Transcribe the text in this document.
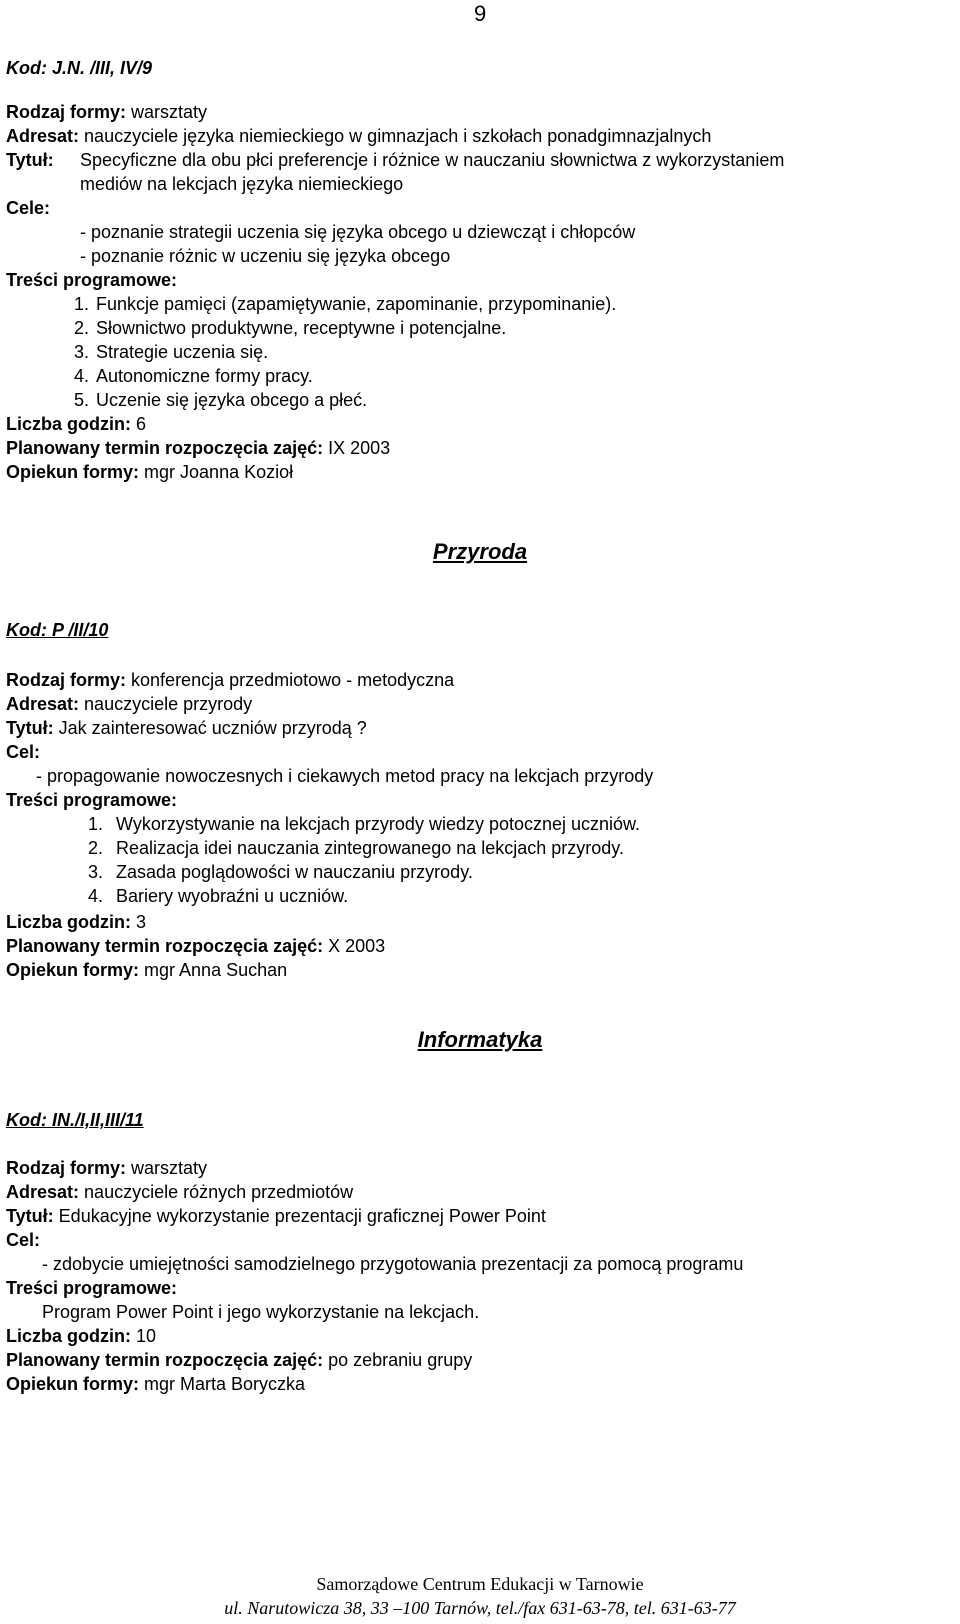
9
Kod: J.N. /III, IV/9
Rodzaj formy: warsztaty
Adresat: nauczyciele języka niemieckiego w gimnazjach i szkołach ponadgimnazjalnych
Tytuł: Specyficzne dla obu płci preferencje i różnice w nauczaniu słownictwa z wykorzystaniem
mediów na lekcjach języka niemieckiego
Cele:
- poznanie strategii uczenia się języka obcego u dziewcząt i chłopców
- poznanie różnic w uczeniu się języka obcego
Treści programowe:
1. Funkcje pamięci (zapamiętywanie, zapominanie, przypominanie).
2. Słownictwo produktywne, receptywne i potencjalne.
3. Strategie uczenia się.
4. Autonomiczne formy pracy.
5. Uczenie się języka obcego a płeć.
Liczba godzin: 6
Planowany termin rozpoczęcia zajęć: IX 2003
Opiekun formy: mgr Joanna Kozioł
Przyroda
Kod: P /II/10
Rodzaj formy: konferencja przedmiotowo - metodyczna
Adresat: nauczyciele przyrody
Tytuł: Jak zainteresować uczniów przyrodą ?
Cel:
- propagowanie nowoczesnych i ciekawych metod pracy na lekcjach przyrody
Treści programowe:
1. Wykorzystywanie na lekcjach przyrody wiedzy potocznej uczniów.
2. Realizacja idei nauczania zintegrowanego na lekcjach przyrody.
3. Zasada poglądowości w nauczaniu przyrody.
4. Bariery wyobraźni u uczniów.
Liczba godzin: 3
Planowany termin rozpoczęcia zajęć: X 2003
Opiekun formy: mgr Anna Suchan
Informatyka
Kod: IN./I,II,III/11
Rodzaj formy: warsztaty
Adresat: nauczyciele różnych przedmiotów
Tytuł: Edukacyjne wykorzystanie prezentacji graficznej Power Point
Cel:
- zdobycie umiejętności samodzielnego przygotowania prezentacji za pomocą programu
Treści programowe:
Program Power Point i jego wykorzystanie na lekcjach.
Liczba godzin: 10
Planowany termin rozpoczęcia zajęć: po zebraniu grupy
Opiekun formy: mgr Marta Boryczka
Samorządowe Centrum Edukacji w Tarnowie
ul. Narutowicza 38, 33 –100 Tarnów, tel./fax 631-63-78, tel. 631-63-77
